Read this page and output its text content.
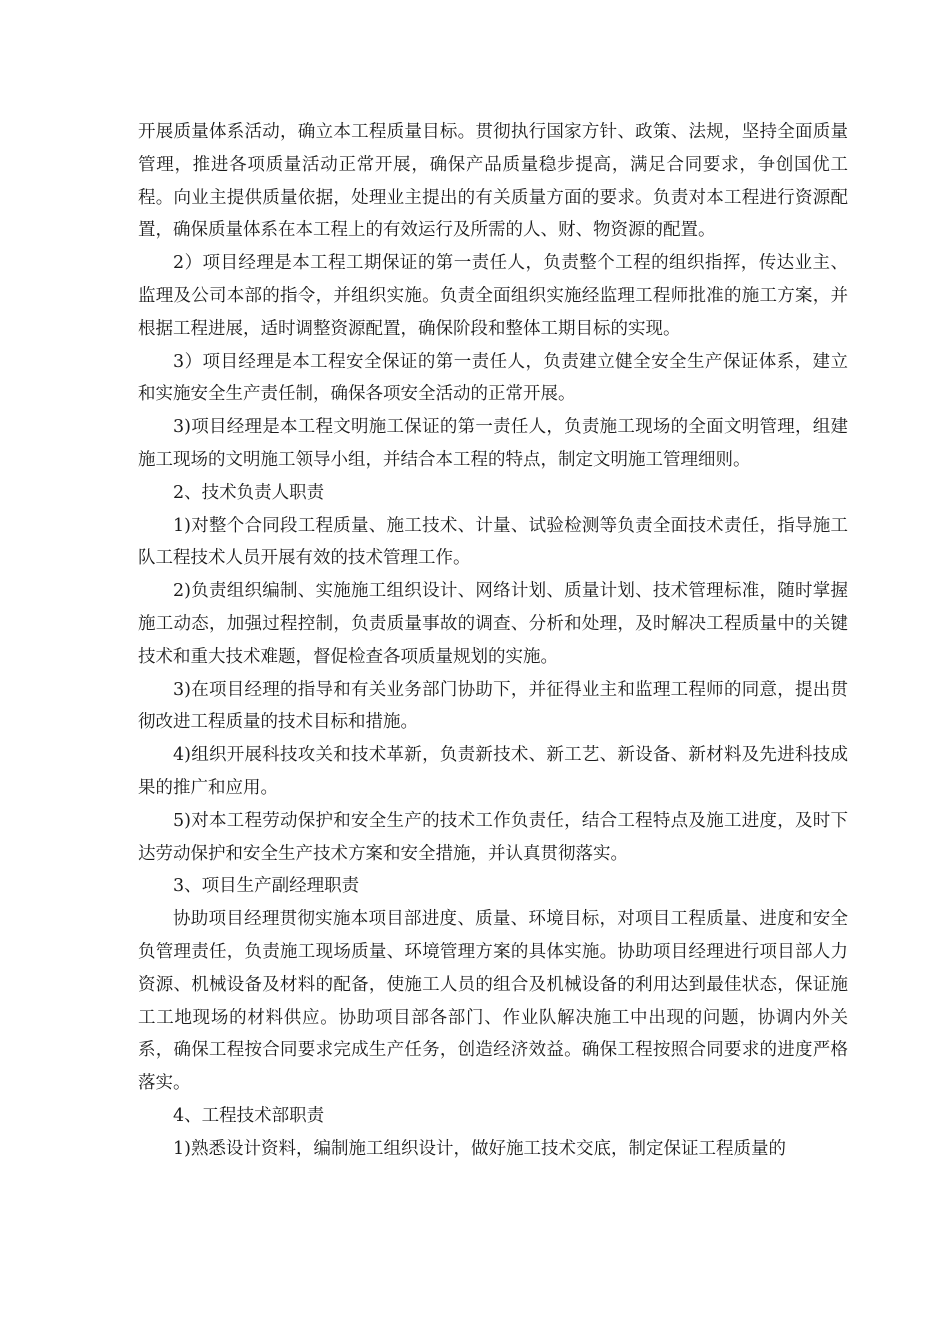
开展质量体系活动，确立本工程质量目标。贯彻执行国家方针、政策、法规，坚持全面质量管理，推进各项质量活动正常开展，确保产品质量稳步提高，满足合同要求，争创国优工程。向业主提供质量依据，处理业主提出的有关质量方面的要求。负责对本工程进行资源配置，确保质量体系在本工程上的有效运行及所需的人、财、物资源的配置。

2）项目经理是本工程工期保证的第一责任人，负责整个工程的组织指挥，传达业主、监理及公司本部的指令，并组织实施。负责全面组织实施经监理工程师批准的施工方案，并根据工程进展，适时调整资源配置，确保阶段和整体工期目标的实现。

3）项目经理是本工程安全保证的第一责任人，负责建立健全安全生产保证体系，建立和实施安全生产责任制，确保各项安全活动的正常开展。

3)项目经理是本工程文明施工保证的第一责任人，负责施工现场的全面文明管理，组建施工现场的文明施工领导小组，并结合本工程的特点，制定文明施工管理细则。

2、技术负责人职责

1)对整个合同段工程质量、施工技术、计量、试验检测等负责全面技术责任，指导施工队工程技术人员开展有效的技术管理工作。

2)负责组织编制、实施施工组织设计、网络计划、质量计划、技术管理标准，随时掌握施工动态，加强过程控制，负责质量事故的调查、分析和处理，及时解决工程质量中的关键技术和重大技术难题，督促检查各项质量规划的实施。

3)在项目经理的指导和有关业务部门协助下，并征得业主和监理工程师的同意，提出贯彻改进工程质量的技术目标和措施。

4)组织开展科技攻关和技术革新，负责新技术、新工艺、新设备、新材料及先进科技成果的推广和应用。

5)对本工程劳动保护和安全生产的技术工作负责任，结合工程特点及施工进度，及时下达劳动保护和安全生产技术方案和安全措施，并认真贯彻落实。

3、项目生产副经理职责

协助项目经理贯彻实施本项目部进度、质量、环境目标，对项目工程质量、进度和安全负管理责任，负责施工现场质量、环境管理方案的具体实施。协助项目经理进行项目部人力资源、机械设备及材料的配备，使施工人员的组合及机械设备的利用达到最佳状态，保证施工工地现场的材料供应。协助项目部各部门、作业队解决施工中出现的问题，协调内外关系，确保工程按合同要求完成生产任务，创造经济效益。确保工程按照合同要求的进度严格落实。

4、工程技术部职责

1)熟悉设计资料，编制施工组织设计，做好施工技术交底，制定保证工程质量的
